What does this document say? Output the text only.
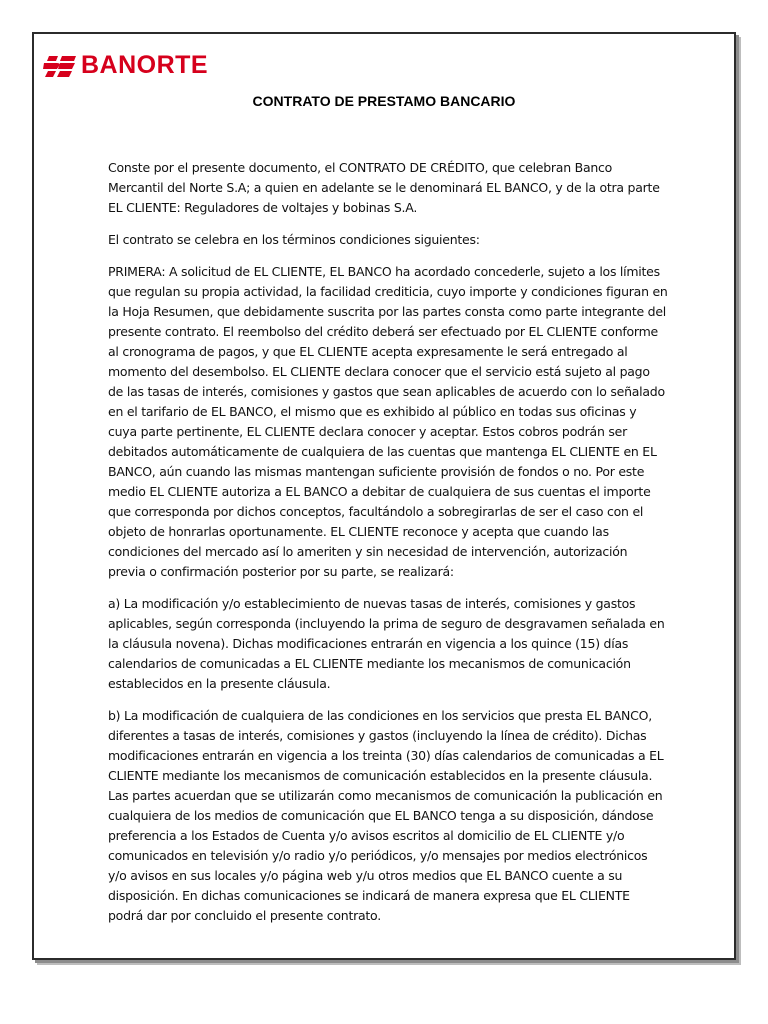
BANORTE
CONTRATO DE PRESTAMO BANCARIO

Conste por el presente documento, el CONTRATO DE CRÉDITO, que celebran Banco Mercantil del Norte S.A; a quien en adelante se le denominará EL BANCO, y de la otra parte EL CLIENTE: Reguladores de voltajes y bobinas S.A.

El contrato se celebra en los términos condiciones siguientes:

PRIMERA: A solicitud de EL CLIENTE, EL BANCO ha acordado concederle, sujeto a los límites que regulan su propia actividad, la facilidad crediticia, cuyo importe y condiciones figuran en la Hoja Resumen, que debidamente suscrita por las partes consta como parte integrante del presente contrato. El reembolso del crédito deberá ser efectuado por EL CLIENTE conforme al cronograma de pagos, y que EL CLIENTE acepta expresamente le será entregado al momento del desembolso. EL CLIENTE declara conocer que el servicio está sujeto al pago de las tasas de interés, comisiones y gastos que sean aplicables de acuerdo con lo señalado en el tarifario de EL BANCO, el mismo que es exhibido al público en todas sus oficinas y cuya parte pertinente, EL CLIENTE declara conocer y aceptar. Estos cobros podrán ser debitados automáticamente de cualquiera de las cuentas que mantenga EL CLIENTE en EL BANCO, aún cuando las mismas mantengan suficiente provisión de fondos o no. Por este medio EL CLIENTE autoriza a EL BANCO a debitar de cualquiera de sus cuentas el importe que corresponda por dichos conceptos, facultándolo a sobregirarlas de ser el caso con el objeto de honrarlas oportunamente. EL CLIENTE reconoce y acepta que cuando las condiciones del mercado así lo ameriten y sin necesidad de intervención, autorización previa o confirmación posterior por su parte, se realizará:

a) La modificación y/o establecimiento de nuevas tasas de interés, comisiones y gastos aplicables, según corresponda (incluyendo la prima de seguro de desgravamen señalada en la cláusula novena). Dichas modificaciones entrarán en vigencia a los quince (15) días calendarios de comunicadas a EL CLIENTE mediante los mecanismos de comunicación establecidos en la presente cláusula.

b) La modificación de cualquiera de las condiciones en los servicios que presta EL BANCO, diferentes a tasas de interés, comisiones y gastos (incluyendo la línea de crédito). Dichas modificaciones entrarán en vigencia a los treinta (30) días calendarios de comunicadas a EL CLIENTE mediante los mecanismos de comunicación establecidos en la presente cláusula. Las partes acuerdan que se utilizarán como mecanismos de comunicación la publicación en cualquiera de los medios de comunicación que EL BANCO tenga a su disposición, dándose preferencia a los Estados de Cuenta y/o avisos escritos al domicilio de EL CLIENTE y/o comunicados en televisión y/o radio y/o periódicos, y/o mensajes por medios electrónicos y/o avisos en sus locales y/o página web y/u otros medios que EL BANCO cuente a su disposición. En dichas comunicaciones se indicará de manera expresa que EL CLIENTE podrá dar por concluido el presente contrato.
